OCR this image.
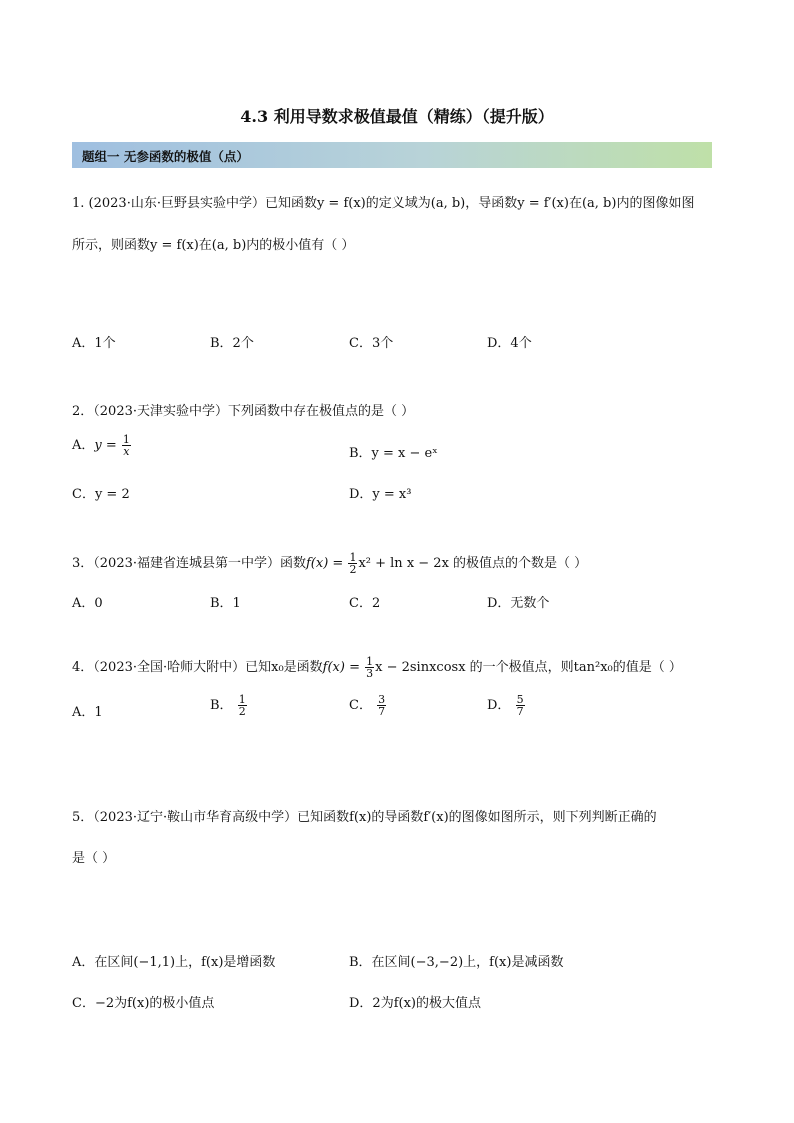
4.3 利用导数求极值最值（精练）（提升版）
题组一 无参函数的极值（点）
1. (2023·山东·巨野县实验中学）已知函数y = f(x)的定义域为(a, b)，导函数y = f′(x)在(a, b)内的图像如图
所示，则函数y = f(x)在(a, b)内的极小值有（ ）
A．1个	B．2个	C．3个	D．4个
2．（2023·天津实验中学）下列函数中存在极值点的是（ ）
A．$y = \frac{1}{x}$	B．y = x − eˣ
C．y = 2	D．y = x³
3．（2023·福建省连城县第一中学）函数$f(x) = \frac{1}{2} x^2 + \ln x - 2x$ 的极值点的个数是（ ）
A．0	B．1	C．2	D．无数个
4．（2023·全国·哈师大附中）已知x₀是函数$f(x) = \frac{1}{3}$ x − 2sinxcosx 的一个极值点，则tan²x₀的值是（ ）
A．1	B． $\frac{1}{2}$	C． $\frac{3}{7}$	D． $\frac{5}{7}$
5．（2023·辽宁·鞍山市华育高级中学）已知函数f(x)的导函数f′(x)的图像如图所示，则下列判断正确的
是（ ）
A．在区间(−1,1)上，f(x)是增函数	B．在区间(−3,−2)上，f(x)是减函数
C．−2为f(x)的极小值点	D．2为f(x)的极大值点
